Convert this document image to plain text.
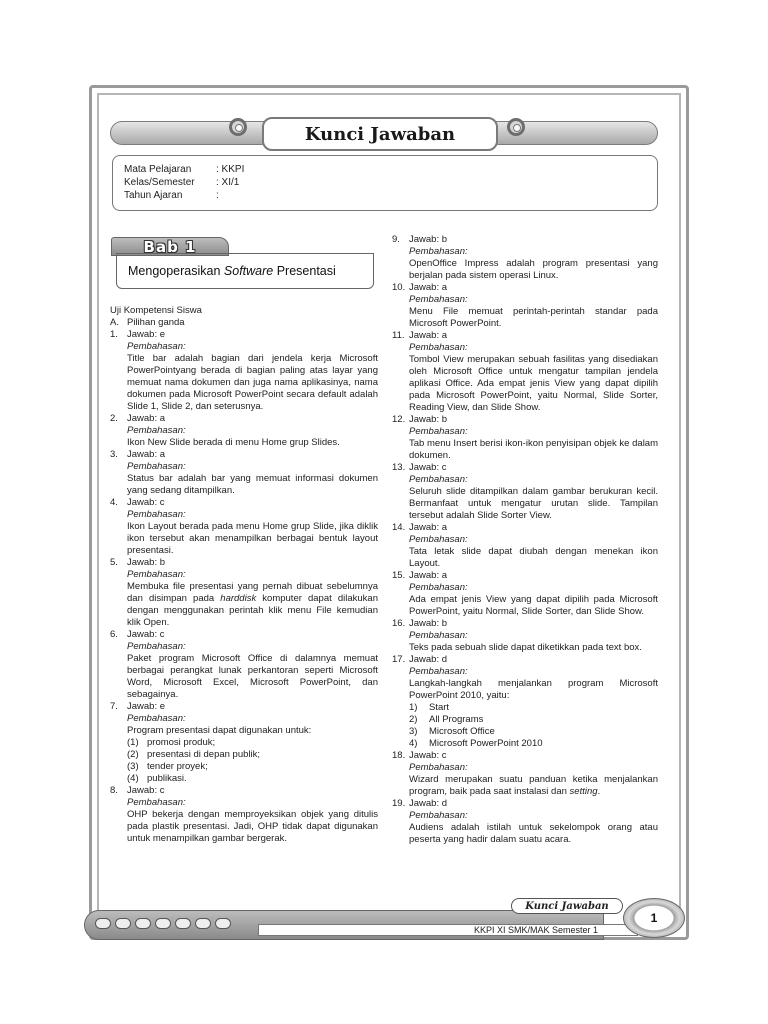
Kunci Jawaban
Mata Pelajaran : KKPI
Kelas/Semester : XI/1
Tahun Ajaran	:
Bab 1
Mengoperasikan Software Presentasi
Uji Kompetensi Siswa
A. Pilihan ganda
1. Jawab: e
Pembahasan:
Title bar adalah bagian dari jendela kerja Microsoft PowerPointyang berada di bagian paling atas layar yang memuat nama dokumen dan juga nama aplikasinya, nama dokumen pada Microsoft PowerPoint secara default adalah Slide 1, Slide 2, dan seterusnya.
2. Jawab: a
Pembahasan:
Ikon New Slide berada di menu Home grup Slides.
3. Jawab: a
Pembahasan:
Status bar adalah bar yang memuat informasi dokumen yang sedang ditampilkan.
4. Jawab: c
Pembahasan:
Ikon Layout berada pada menu Home grup Slide, jika diklik ikon tersebut akan menampilkan berbagai bentuk layout presentasi.
5. Jawab: b
Pembahasan:
Membuka file presentasi yang pernah dibuat sebelumnya dan disimpan pada harddisk komputer dapat dilakukan dengan menggunakan perintah klik menu File kemudian klik Open.
6. Jawab: c
Pembahasan:
Paket program Microsoft Office di dalamnya memuat berbagai perangkat lunak perkantoran seperti Microsoft Word, Microsoft Excel, Microsoft PowerPoint, dan sebagainya.
7. Jawab: e
Pembahasan:
Program presentasi dapat digunakan untuk:
(1) promosi produk;
(2) presentasi di depan publik;
(3) tender proyek;
(4) publikasi.
8. Jawab: c
Pembahasan:
OHP bekerja dengan memproyeksikan objek yang ditulis pada plastik presentasi. Jadi, OHP tidak dapat digunakan untuk menampilkan gambar bergerak.
9. Jawab: b
Pembahasan:
OpenOffice Impress adalah program presentasi yang berjalan pada sistem operasi Linux.
10. Jawab: a
Pembahasan:
Menu File memuat perintah-perintah standar pada Microsoft PowerPoint.
11. Jawab: a
Pembahasan:
Tombol View merupakan sebuah fasilitas yang disediakan oleh Microsoft Office untuk mengatur tampilan jendela aplikasi Office. Ada empat jenis View yang dapat dipilih pada Microsoft PowerPoint, yaitu Normal, Slide Sorter, Reading View, dan Slide Show.
12. Jawab: b
Pembahasan:
Tab menu Insert berisi ikon-ikon penyisipan objek ke dalam dokumen.
13. Jawab: c
Pembahasan:
Seluruh slide ditampilkan dalam gambar berukuran kecil. Bermanfaat untuk mengatur urutan slide. Tampilan tersebut adalah Slide Sorter View.
14. Jawab: a
Pembahasan:
Tata letak slide dapat diubah dengan menekan ikon Layout.
15. Jawab: a
Pembahasan:
Ada empat jenis View yang dapat dipilih pada Microsoft PowerPoint, yaitu Normal, Slide Sorter, dan Slide Show.
16. Jawab: b
Pembahasan:
Teks pada sebuah slide dapat diketikkan pada text box.
17. Jawab: d
Pembahasan:
Langkah-langkah menjalankan program Microsoft PowerPoint 2010, yaitu:
1)	Start
2)	All Programs
3)	Microsoft Office
4)	Microsoft PowerPoint 2010
18. Jawab: c
Pembahasan:
Wizard merupakan suatu panduan ketika menjalankan program, baik pada saat instalasi dan setting.
19. Jawab: d
Pembahasan:
Audiens adalah istilah untuk sekelompok orang atau peserta yang hadir dalam suatu acara.
Kunci Jawaban
KKPI XI SMK/MAK Semester 1
1
